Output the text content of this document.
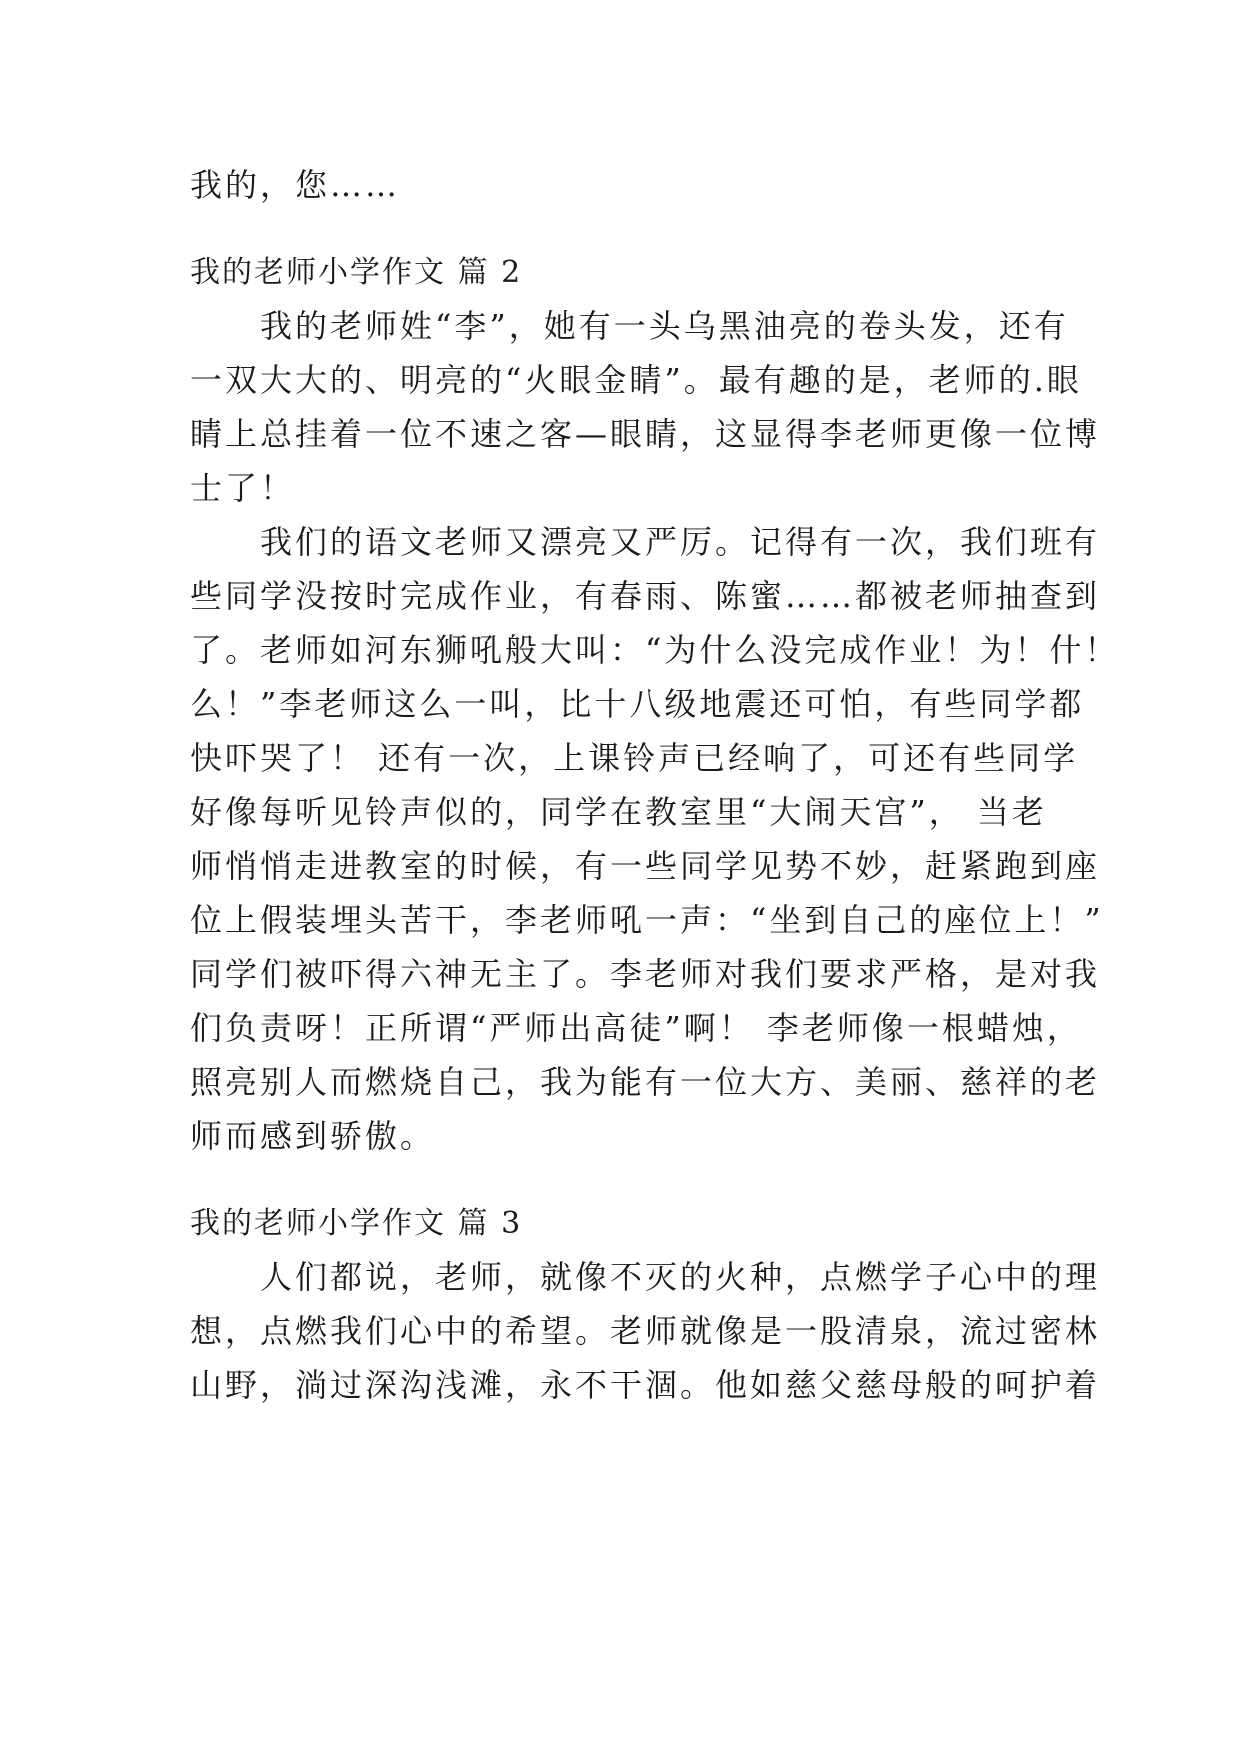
我的，您……
我的老师小学作文 篇 2
　　我的老师姓“李”，她有一头乌黑油亮的卷头发，还有
一双大大的、明亮的“火眼金睛”。最有趣的是，老师的.眼
睛上总挂着一位不速之客—眼睛，这显得李老师更像一位博
士了！
　　我们的语文老师又漂亮又严厉。记得有一次，我们班有
些同学没按时完成作业，有春雨、陈蜜……都被老师抽查到
了。老师如河东狮吼般大叫：“为什么没完成作业！为！什！
么！”李老师这么一叫，比十八级地震还可怕，有些同学都
快吓哭了！ 还有一次，上课铃声已经响了，可还有些同学
好像每听见铃声似的，同学在教室里“大闹天宫”， 当老
师悄悄走进教室的时候，有一些同学见势不妙，赶紧跑到座
位上假装埋头苦干，李老师吼一声：“坐到自己的座位上！”
同学们被吓得六神无主了。李老师对我们要求严格，是对我
们负责呀！正所谓“严师出高徒”啊！ 李老师像一根蜡烛，
照亮别人而燃烧自己，我为能有一位大方、美丽、慈祥的老
师而感到骄傲。
我的老师小学作文 篇 3
　　人们都说，老师，就像不灭的火种，点燃学子心中的理
想，点燃我们心中的希望。老师就像是一股清泉，流过密林
山野，淌过深沟浅滩，永不干涸。他如慈父慈母般的呵护着
